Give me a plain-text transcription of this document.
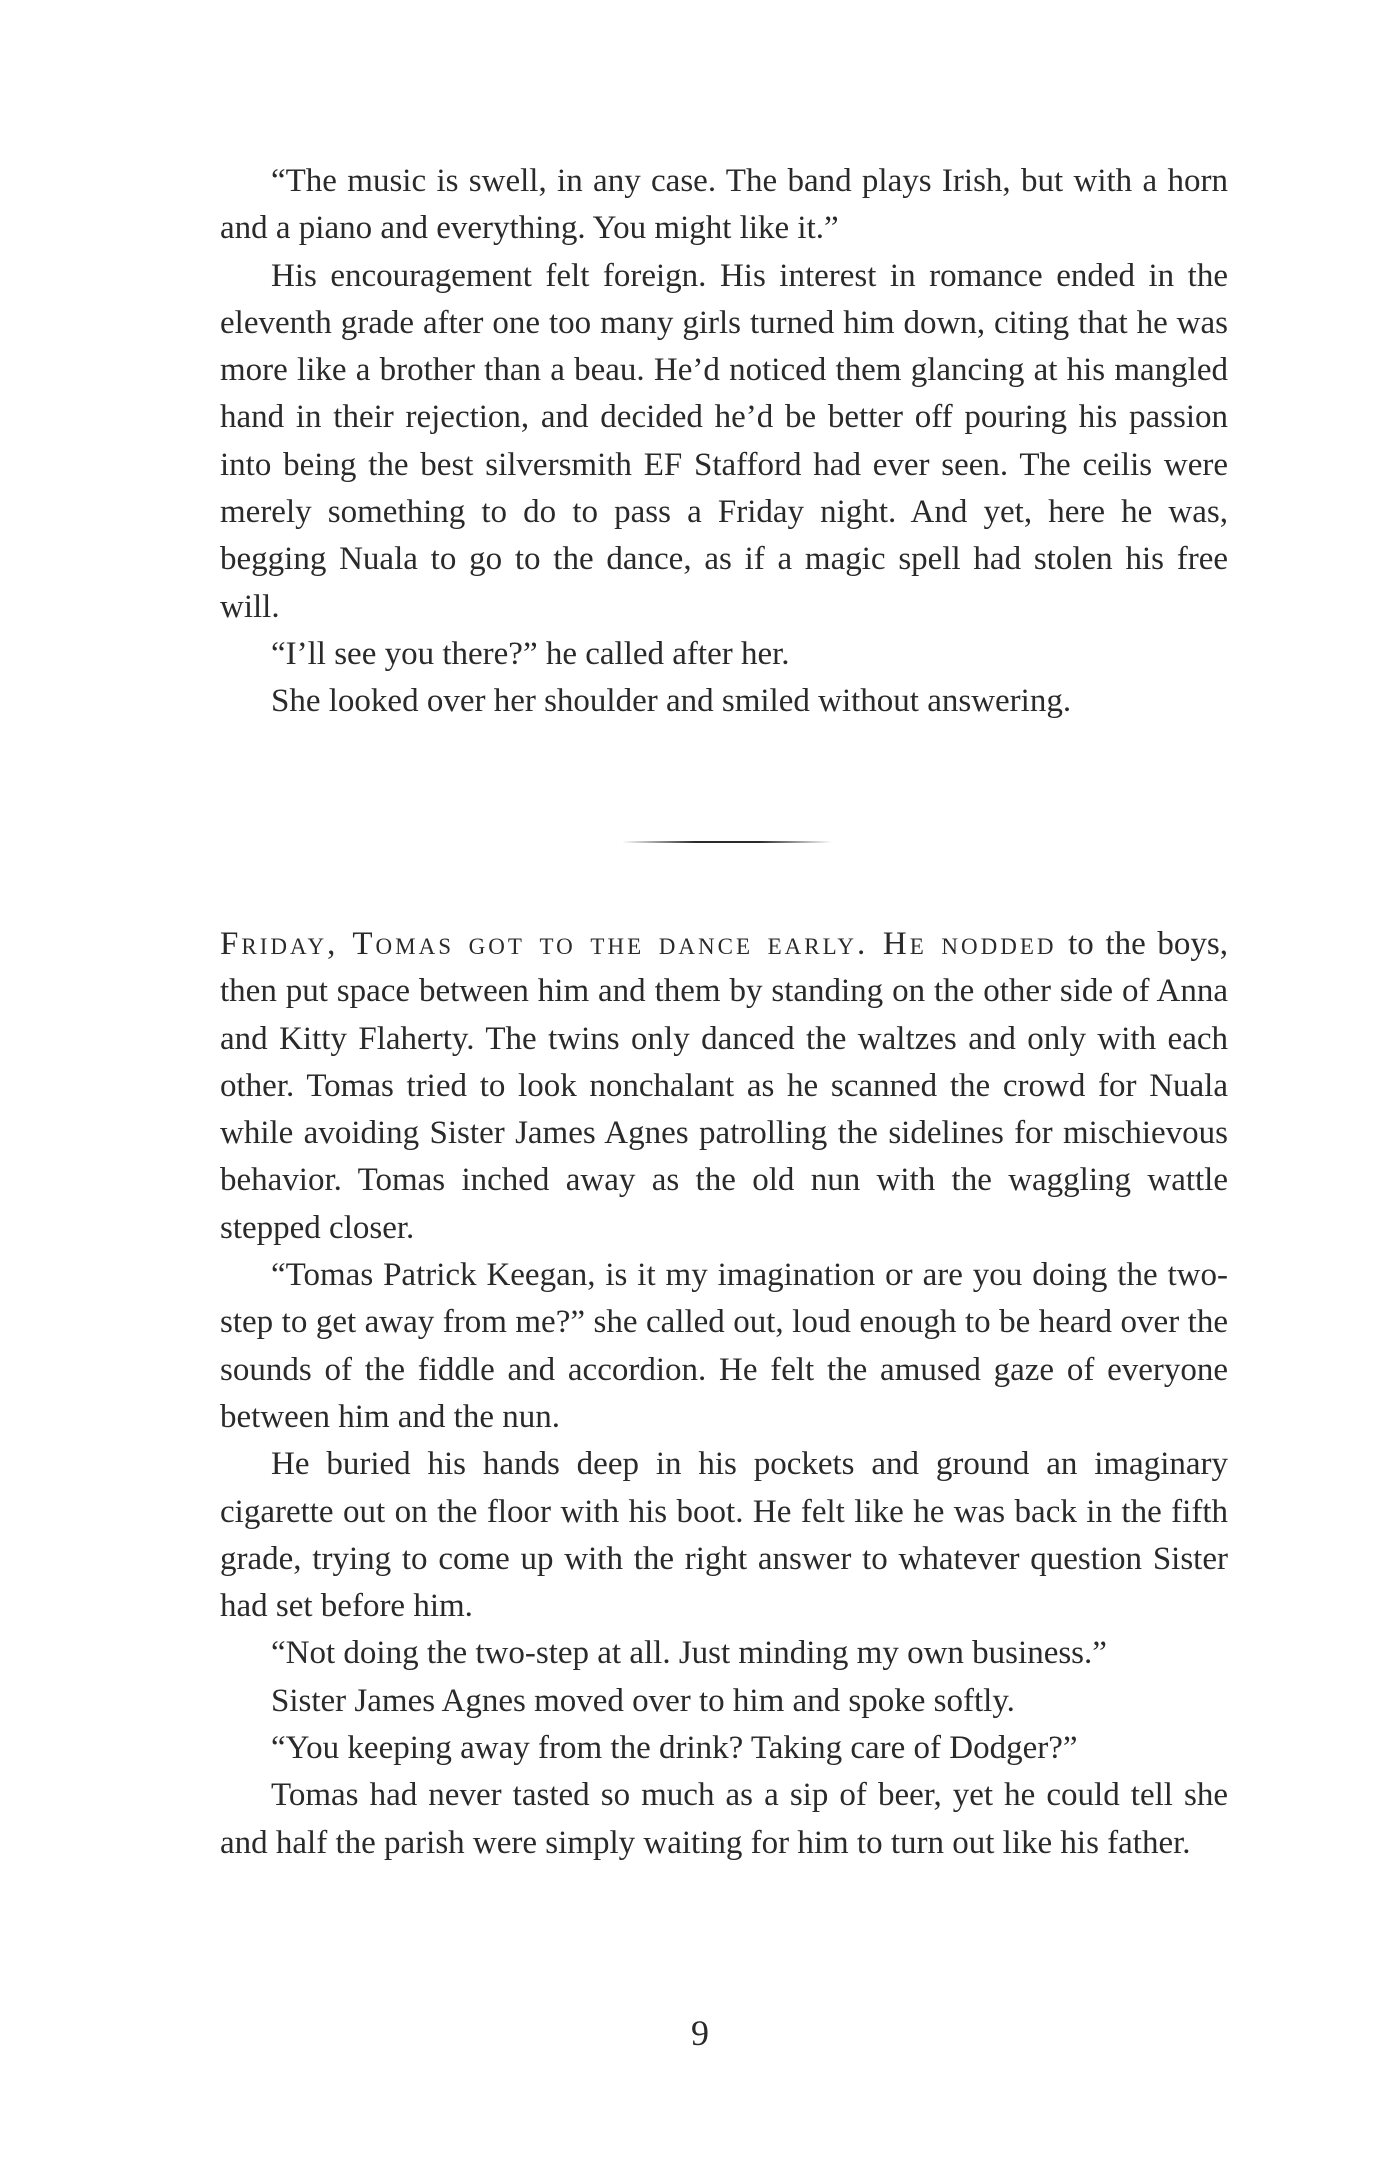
“The music is swell, in any case. The band plays Irish, but with a horn and a piano and everything. You might like it.”

His encouragement felt foreign. His interest in romance ended in the eleventh grade after one too many girls turned him down, citing that he was more like a brother than a beau. He’d noticed them glancing at his mangled hand in their rejection, and decided he’d be better off pouring his passion into being the best silversmith EF Stafford had ever seen. The ceilis were merely something to do to pass a Friday night. And yet, here he was, begging Nuala to go to the dance, as if a magic spell had stolen his free will.

“I’ll see you there?” he called after her.

She looked over her shoulder and smiled without answering.

Friday, Tomas got to the dance early. He nodded to the boys, then put space between him and them by standing on the other side of Anna and Kitty Flaherty. The twins only danced the waltzes and only with each other. Tomas tried to look nonchalant as he scanned the crowd for Nuala while avoiding Sister James Agnes patrolling the sidelines for mischievous behavior. Tomas inched away as the old nun with the waggling wattle stepped closer.

“Tomas Patrick Keegan, is it my imagination or are you doing the two-step to get away from me?” she called out, loud enough to be heard over the sounds of the fiddle and accordion. He felt the amused gaze of everyone between him and the nun.

He buried his hands deep in his pockets and ground an imaginary cigarette out on the floor with his boot. He felt like he was back in the fifth grade, trying to come up with the right answer to whatever question Sister had set before him.

“Not doing the two-step at all. Just minding my own business.”

Sister James Agnes moved over to him and spoke softly.

“You keeping away from the drink? Taking care of Dodger?”

Tomas had never tasted so much as a sip of beer, yet he could tell she and half the parish were simply waiting for him to turn out like his father.

9
